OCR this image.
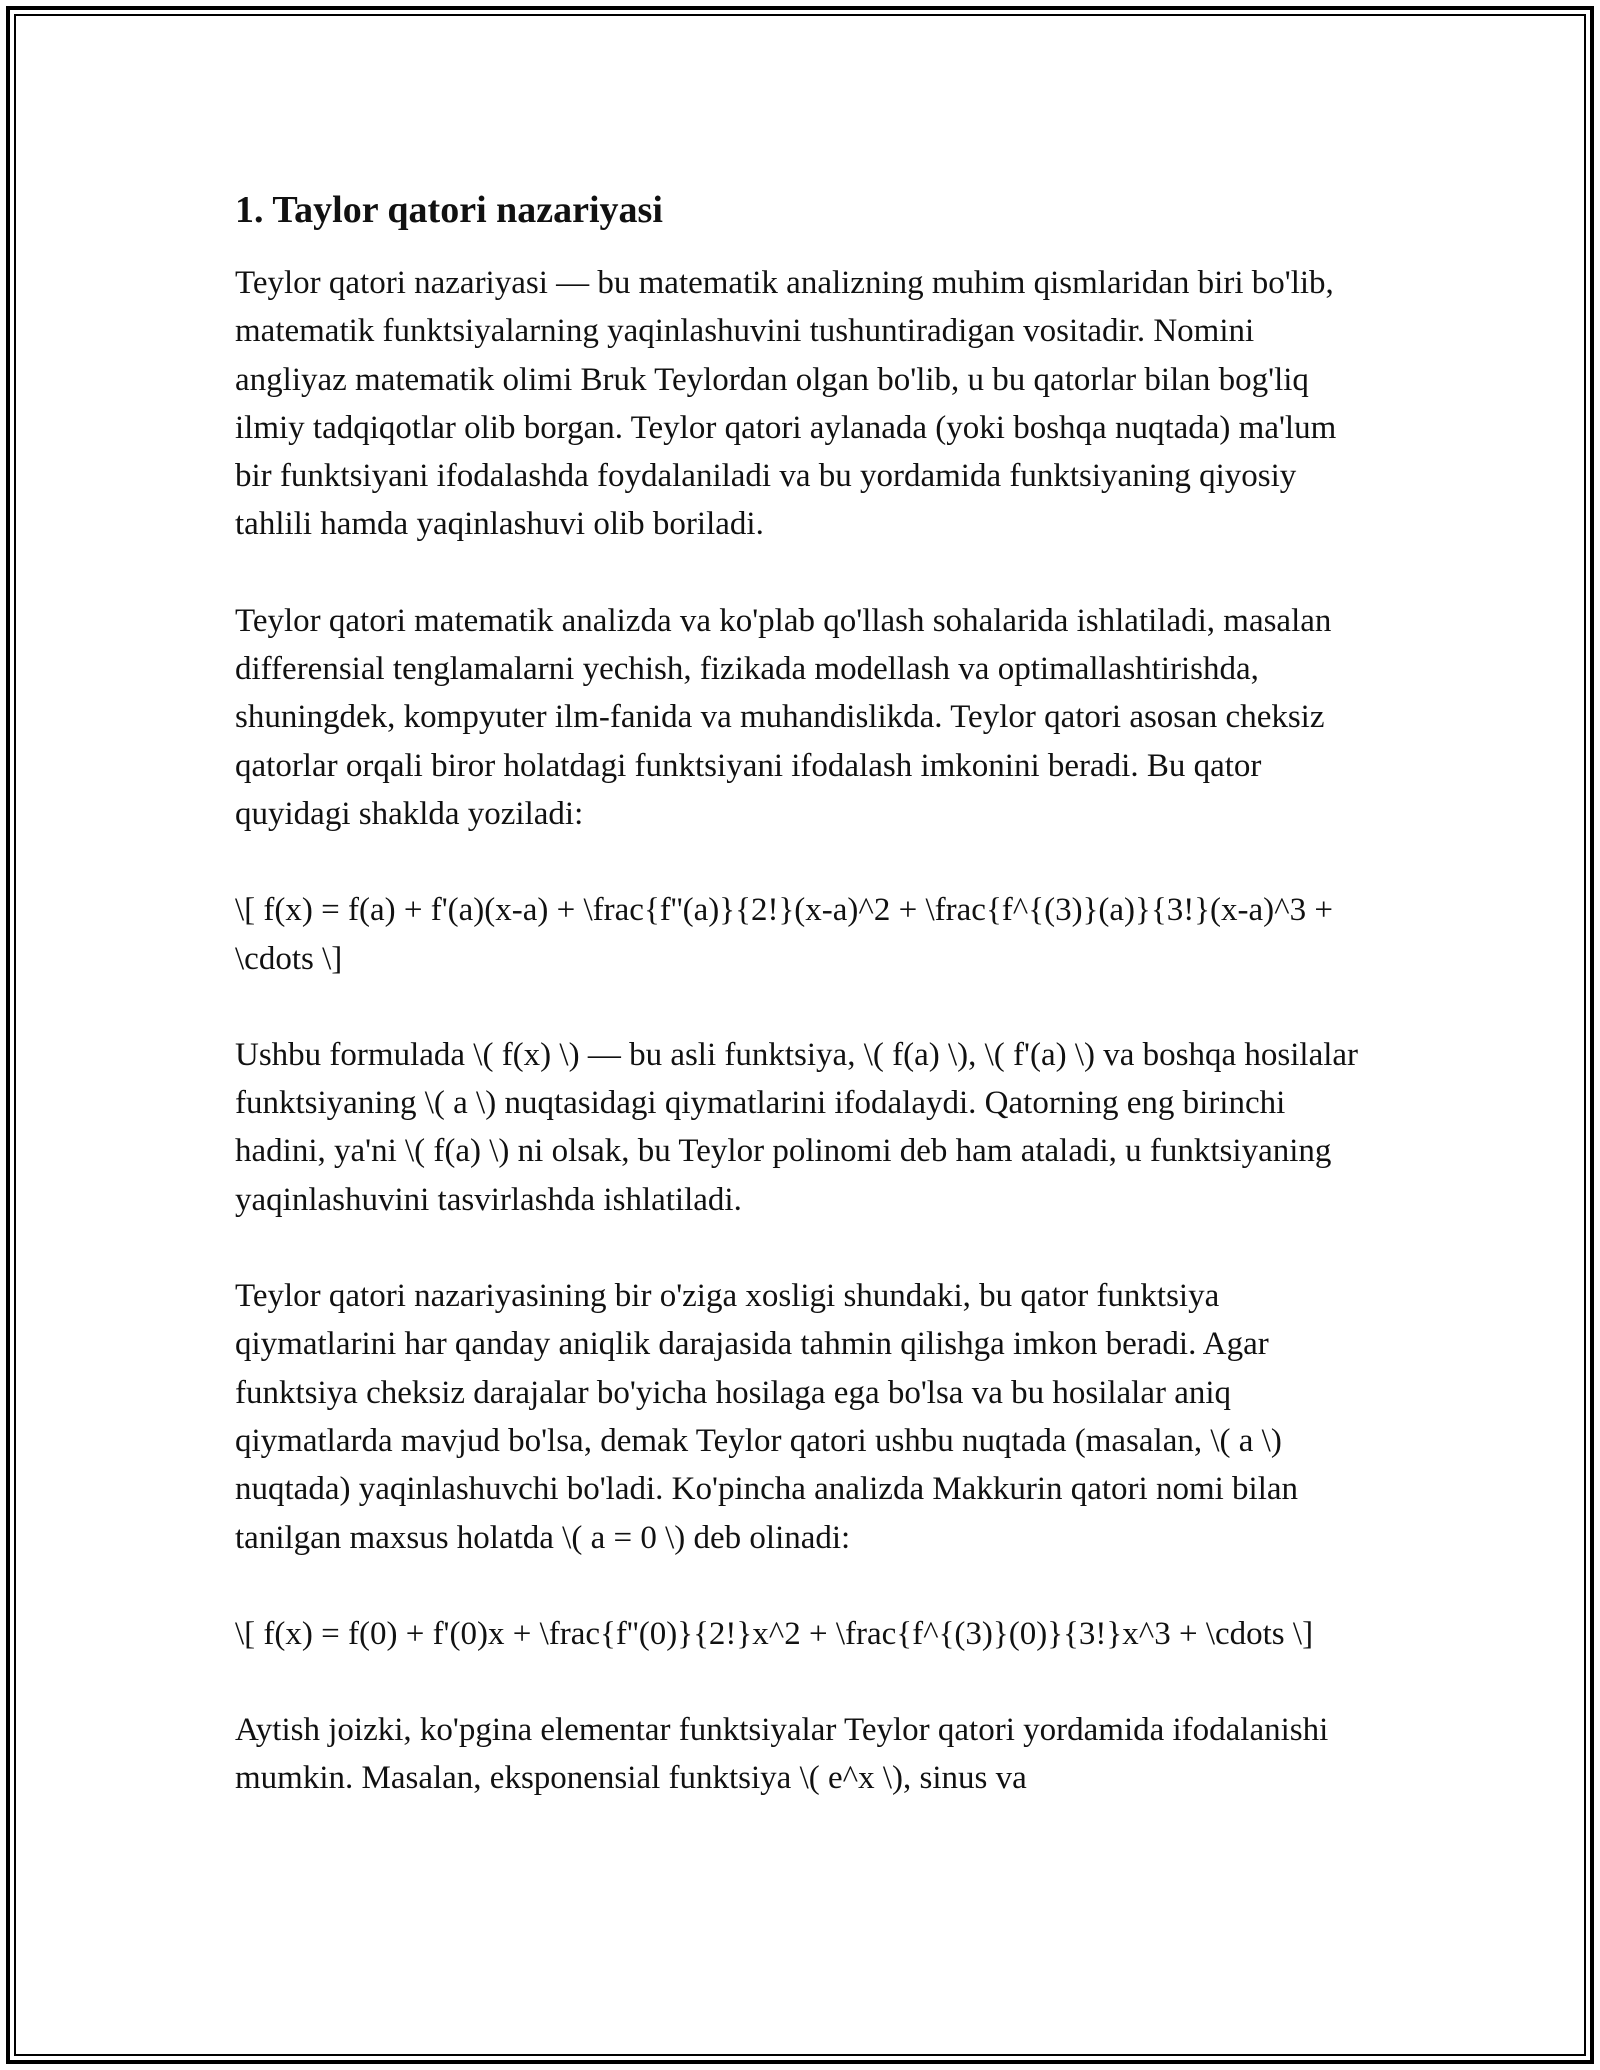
1. Taylor qatori nazariyasi

Teylor qatori nazariyasi — bu matematik analizning muhim qismlaridan biri bo'lib, matematik funktsiyalarning yaqinlashuvini tushuntiradigan vositadir. Nomini angliyaz matematik olimi Bruk Teylordan olgan bo'lib, u bu qatorlar bilan bog'liq ilmiy tadqiqotlar olib borgan. Teylor qatori aylanada (yoki boshqa nuqtada) ma'lum bir funktsiyani ifodalashda foydalaniladi va bu yordamida funktsiyaning qiyosiy tahlili hamda yaqinlashuvi olib boriladi.

Teylor qatori matematik analizda va ko'plab qo'llash sohalarida ishlatiladi, masalan differensial tenglamalarni yechish, fizikada modellash va optimallashtirishda, shuningdek, kompyuter ilm-fanida va muhandislikda. Teylor qatori asosan cheksiz qatorlar orqali biror holatdagi funktsiyani ifodalash imkonini beradi. Bu qator quyidagi shaklda yoziladi:

\[ f(x) = f(a) + f'(a)(x-a) + \frac{f''(a)}{2!}(x-a)^2 + \frac{f^{(3)}(a)}{3!}(x-a)^3 + \cdots \]

Ushbu formulada \( f(x) \) — bu asli funktsiya, \( f(a) \), \( f'(a) \) va boshqa hosilalar funktsiyaning \( a \) nuqtasidagi qiymatlarini ifodalaydi. Qatorning eng birinchi hadini, ya'ni \( f(a) \) ni olsak, bu Teylor polinomi deb ham ataladi, u funktsiyaning yaqinlashuvini tasvirlashda ishlatiladi.

Teylor qatori nazariyasining bir o'ziga xosligi shundaki, bu qator funktsiya qiymatlarini har qanday aniqlik darajasida tahmin qilishga imkon beradi. Agar funktsiya cheksiz darajalar bo'yicha hosilaga ega bo'lsa va bu hosilalar aniq qiymatlarda mavjud bo'lsa, demak Teylor qatori ushbu nuqtada (masalan, \( a \) nuqtada) yaqinlashuvchi bo'ladi. Ko'pincha analizda Makkurin qatori nomi bilan tanilgan maxsus holatda \( a = 0 \) deb olinadi:

\[ f(x) = f(0) + f'(0)x + \frac{f''(0)}{2!}x^2 + \frac{f^{(3)}(0)}{3!}x^3 + \cdots \]

Aytish joizki, ko'pgina elementar funktsiyalar Teylor qatori yordamida ifodalanishi mumkin. Masalan, eksponensial funktsiya \( e^x \), sinus va
